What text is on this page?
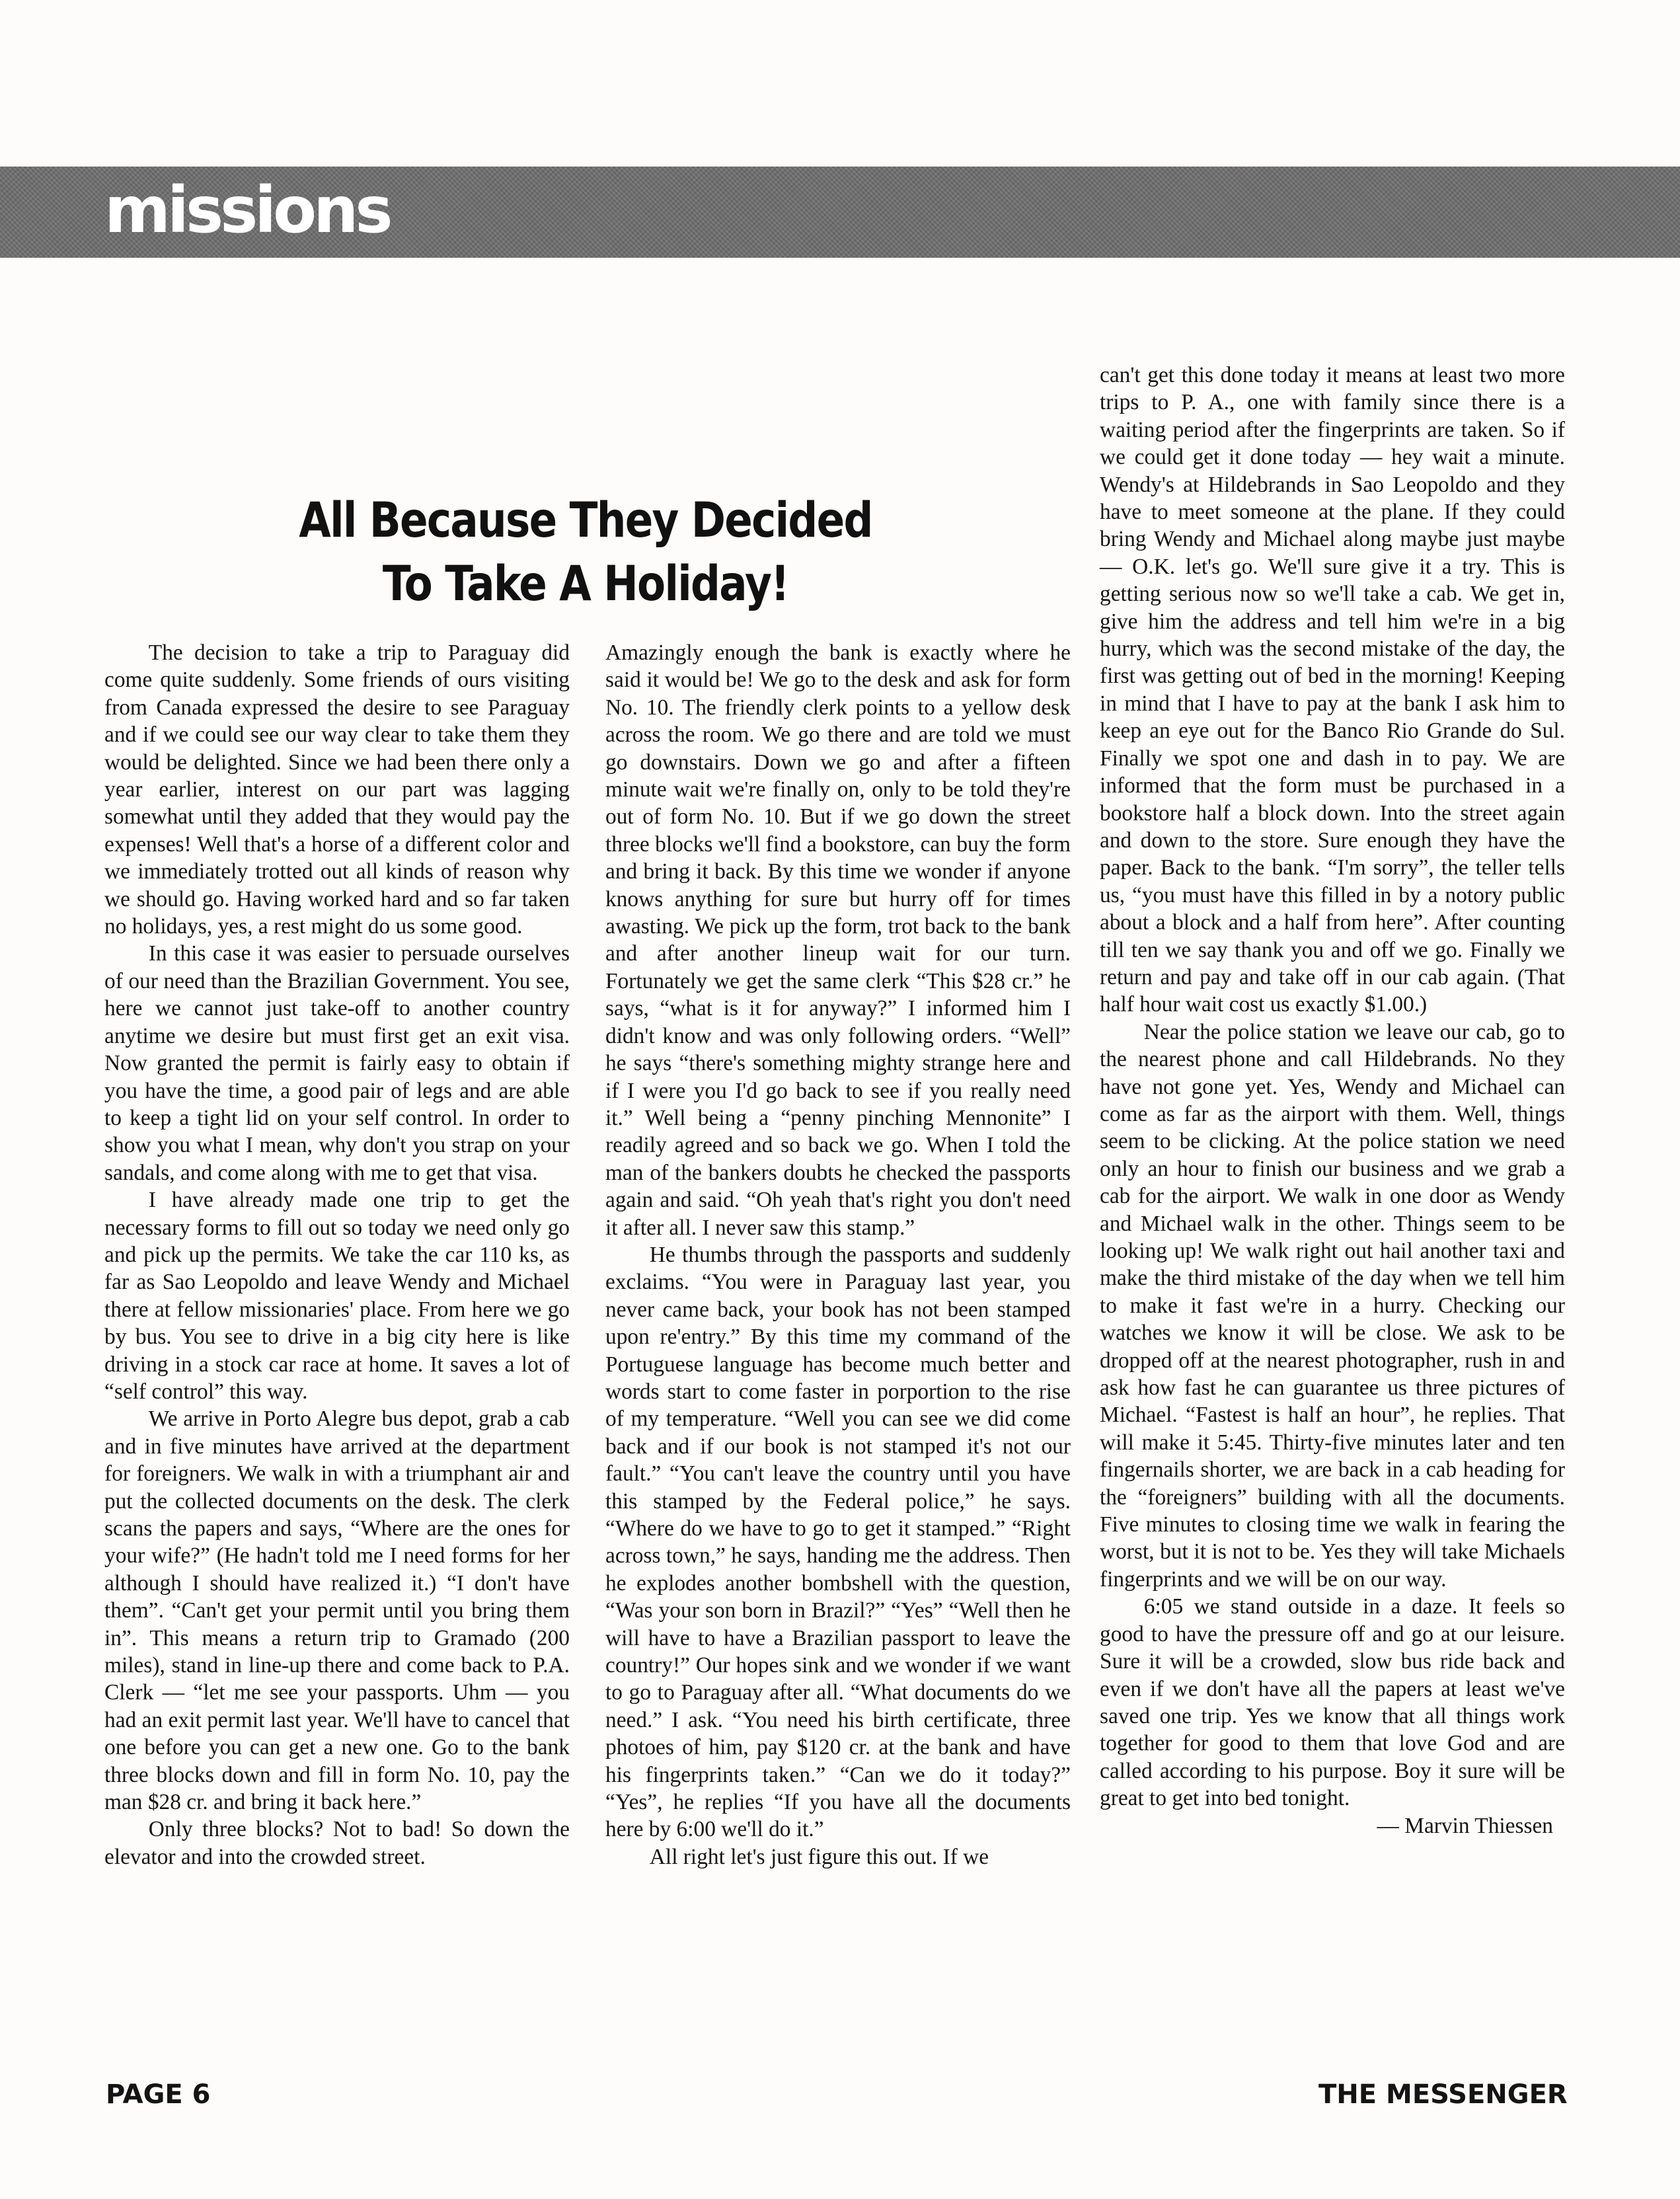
missions
All Because They Decided
To Take A Holiday!

The decision to take a trip to Paraguay did come quite suddenly. Some friends of ours visiting from Canada expressed the desire to see Paraguay and if we could see our way clear to take them they would be delighted. Since we had been there only a year earlier, interest on our part was lagging somewhat until they added that they would pay the expenses! Well that's a horse of a different color and we immediately trotted out all kinds of reason why we should go. Having worked hard and so far taken no holidays, yes, a rest might do us some good.

In this case it was easier to persuade ourselves of our need than the Brazilian Government. You see, here we cannot just take-off to another country anytime we desire but must first get an exit visa. Now granted the permit is fairly easy to obtain if you have the time, a good pair of legs and are able to keep a tight lid on your self control. In order to show you what I mean, why don't you strap on your sandals, and come along with me to get that visa.

I have already made one trip to get the necessary forms to fill out so today we need only go and pick up the permits. We take the car 110 ks, as far as Sao Leopoldo and leave Wendy and Michael there at fellow missionaries' place. From here we go by bus. You see to drive in a big city here is like driving in a stock car race at home. It saves a lot of “self control” this way.

We arrive in Porto Alegre bus depot, grab a cab and in five minutes have arrived at the department for foreigners. We walk in with a triumphant air and put the collected documents on the desk. The clerk scans the papers and says, “Where are the ones for your wife?” (He hadn't told me I need forms for her although I should have realized it.) “I don't have them”. “Can't get your permit until you bring them in”. This means a return trip to Gramado (200 miles), stand in line-up there and come back to P.A. Clerk — “let me see your passports. Uhm — you had an exit permit last year. We'll have to cancel that one before you can get a new one. Go to the bank three blocks down and fill in form No. 10, pay the man $28 cr. and bring it back here.”

Only three blocks? Not to bad! So down the elevator and into the crowded street.

Amazingly enough the bank is exactly where he said it would be! We go to the desk and ask for form No. 10. The friendly clerk points to a yellow desk across the room. We go there and are told we must go downstairs. Down we go and after a fifteen minute wait we're finally on, only to be told they're out of form No. 10. But if we go down the street three blocks we'll find a bookstore, can buy the form and bring it back. By this time we wonder if anyone knows anything for sure but hurry off for times awasting. We pick up the form, trot back to the bank and after another lineup wait for our turn. Fortunately we get the same clerk “This $28 cr.” he says, “what is it for anyway?” I informed him I didn't know and was only following orders. “Well” he says “there's something mighty strange here and if I were you I'd go back to see if you really need it.” Well being a “penny pinching Mennonite” I readily agreed and so back we go. When I told the man of the bankers doubts he checked the passports again and said. “Oh yeah that's right you don't need it after all. I never saw this stamp.”

He thumbs through the passports and suddenly exclaims. “You were in Paraguay last year, you never came back, your book has not been stamped upon re'entry.” By this time my command of the Portuguese language has become much better and words start to come faster in porportion to the rise of my temperature. “Well you can see we did come back and if our book is not stamped it's not our fault.” “You can't leave the country until you have this stamped by the Federal police,” he says. “Where do we have to go to get it stamped.” “Right across town,” he says, handing me the address. Then he explodes another bombshell with the question, “Was your son born in Brazil?” “Yes” “Well then he will have to have a Brazilian passport to leave the country!” Our hopes sink and we wonder if we want to go to Paraguay after all. “What documents do we need.” I ask. “You need his birth certificate, three photoes of him, pay $120 cr. at the bank and have his fingerprints taken.” “Can we do it today?” “Yes”, he replies “If you have all the documents here by 6:00 we'll do it.”

All right let's just figure this out. If we

can't get this done today it means at least two more trips to P. A., one with family since there is a waiting period after the fingerprints are taken. So if we could get it done today — hey wait a minute. Wendy's at Hildebrands in Sao Leopoldo and they have to meet someone at the plane. If they could bring Wendy and Michael along maybe just maybe — O.K. let's go. We'll sure give it a try. This is getting serious now so we'll take a cab. We get in, give him the address and tell him we're in a big hurry, which was the second mistake of the day, the first was getting out of bed in the morning! Keeping in mind that I have to pay at the bank I ask him to keep an eye out for the Banco Rio Grande do Sul. Finally we spot one and dash in to pay. We are informed that the form must be purchased in a bookstore half a block down. Into the street again and down to the store. Sure enough they have the paper. Back to the bank. “I'm sorry”, the teller tells us, “you must have this filled in by a notory public about a block and a half from here”. After counting till ten we say thank you and off we go. Finally we return and pay and take off in our cab again. (That half hour wait cost us exactly $1.00.)

Near the police station we leave our cab, go to the nearest phone and call Hildebrands. No they have not gone yet. Yes, Wendy and Michael can come as far as the airport with them. Well, things seem to be clicking. At the police station we need only an hour to finish our business and we grab a cab for the airport. We walk in one door as Wendy and Michael walk in the other. Things seem to be looking up! We walk right out hail another taxi and make the third mistake of the day when we tell him to make it fast we're in a hurry. Checking our watches we know it will be close. We ask to be dropped off at the nearest photographer, rush in and ask how fast he can guarantee us three pictures of Michael. “Fastest is half an hour”, he replies. That will make it 5:45. Thirty-five minutes later and ten fingernails shorter, we are back in a cab heading for the “foreigners” building with all the documents. Five minutes to closing time we walk in fearing the worst, but it is not to be. Yes they will take Michaels fingerprints and we will be on our way.

6:05 we stand outside in a daze. It feels so good to have the pressure off and go at our leisure. Sure it will be a crowded, slow bus ride back and even if we don't have all the papers at least we've saved one trip. Yes we know that all things work together for good to them that love God and are called according to his purpose. Boy it sure will be great to get into bed tonight.

— Marvin Thiessen

PAGE 6	THE MESSENGER
